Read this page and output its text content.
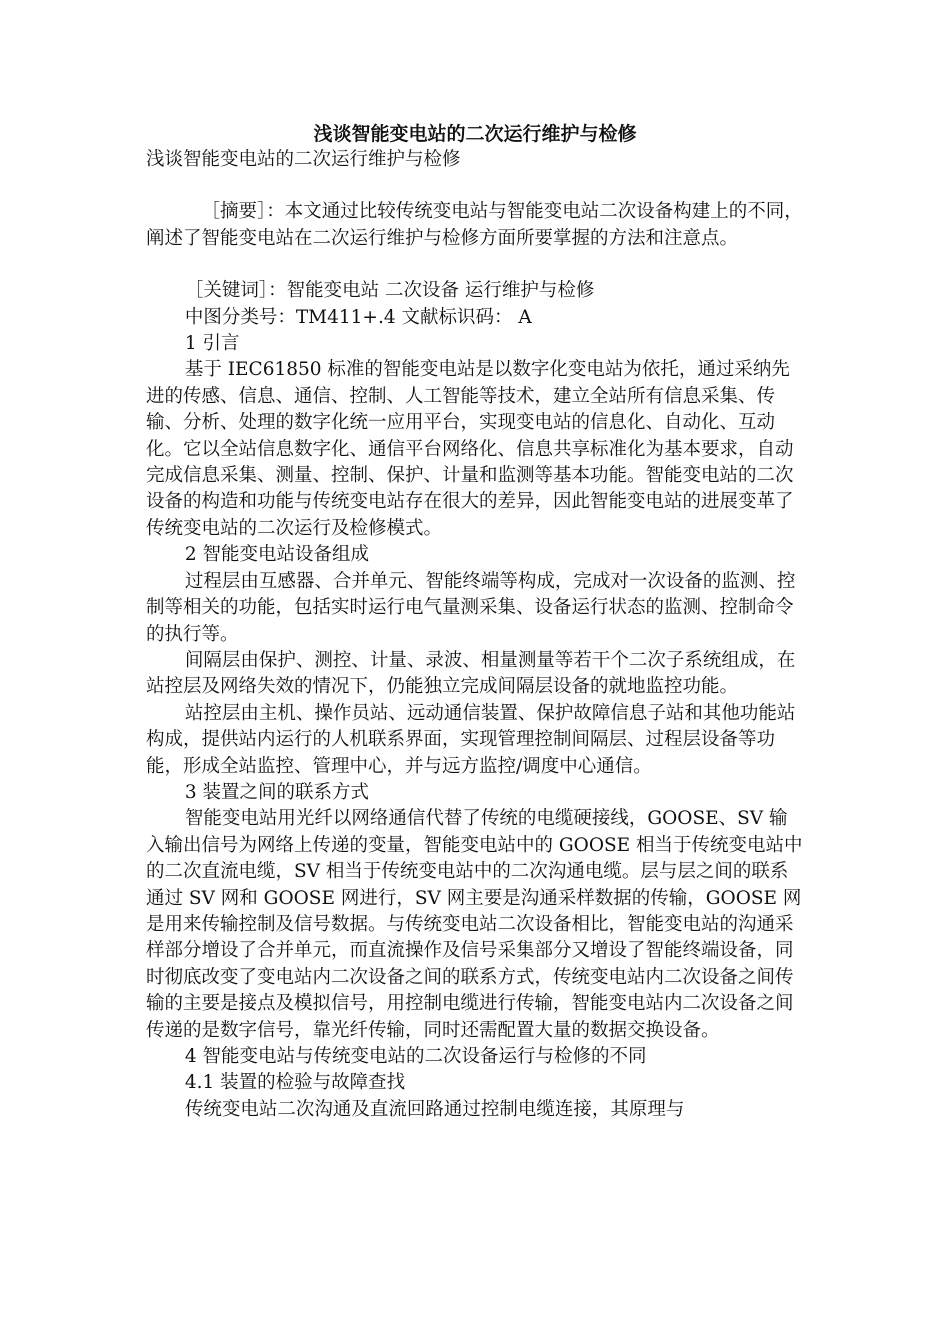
浅谈智能变电站的二次运行维护与检修

浅谈智能变电站的二次运行维护与检修

［摘要］：本文通过比较传统变电站与智能变电站二次设备构建上的不同，阐述了智能变电站在二次运行维护与检修方面所要掌握的方法和注意点。

［关键词］：智能变电站 二次设备 运行维护与检修

中图分类号：TM411+.4 文献标识码： A

1 引言

基于 IEC61850 标准的智能变电站是以数字化变电站为依托，通过采纳先进的传感、信息、通信、控制、人工智能等技术，建立全站所有信息采集、传输、分析、处理的数字化统一应用平台，实现变电站的信息化、自动化、互动化。它以全站信息数字化、通信平台网络化、信息共享标准化为基本要求，自动完成信息采集、测量、控制、保护、计量和监测等基本功能。智能变电站的二次设备的构造和功能与传统变电站存在很大的差异，因此智能变电站的进展变革了传统变电站的二次运行及检修模式。

2 智能变电站设备组成

过程层由互感器、合并单元、智能终端等构成，完成对一次设备的监测、控制等相关的功能，包括实时运行电气量测采集、设备运行状态的监测、控制命令的执行等。

间隔层由保护、测控、计量、录波、相量测量等若干个二次子系统组成，在站控层及网络失效的情况下，仍能独立完成间隔层设备的就地监控功能。

站控层由主机、操作员站、远动通信装置、保护故障信息子站和其他功能站构成，提供站内运行的人机联系界面，实现管理控制间隔层、过程层设备等功能，形成全站监控、管理中心，并与远方监控/调度中心通信。

3 装置之间的联系方式

智能变电站用光纤以网络通信代替了传统的电缆硬接线，GOOSE、SV 输入输出信号为网络上传递的变量，智能变电站中的 GOOSE 相当于传统变电站中的二次直流电缆，SV 相当于传统变电站中的二次沟通电缆。层与层之间的联系通过 SV 网和 GOOSE 网进行，SV 网主要是沟通采样数据的传输，GOOSE 网是用来传输控制及信号数据。与传统变电站二次设备相比，智能变电站的沟通采样部分增设了合并单元，而直流操作及信号采集部分又增设了智能终端设备，同时彻底改变了变电站内二次设备之间的联系方式，传统变电站内二次设备之间传输的主要是接点及模拟信号，用控制电缆进行传输，智能变电站内二次设备之间传递的是数字信号，靠光纤传输，同时还需配置大量的数据交换设备。

4 智能变电站与传统变电站的二次设备运行与检修的不同

4.1 装置的检验与故障查找

传统变电站二次沟通及直流回路通过控制电缆连接，其原理与
